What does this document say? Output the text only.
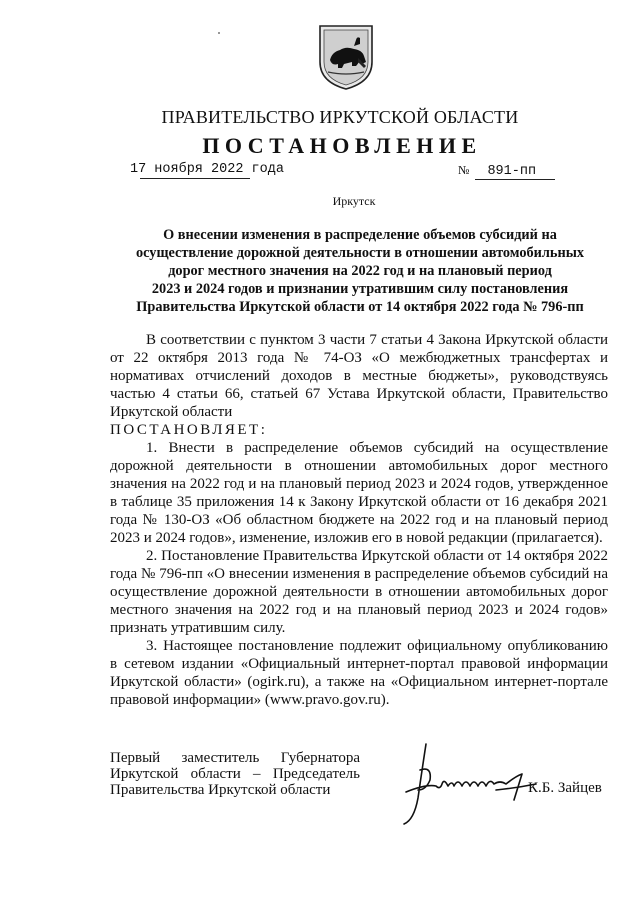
ПРАВИТЕЛЬСТВО ИРКУТСКОЙ ОБЛАСТИ
ПОСТАНОВЛЕНИЕ
17 ноября 2022 года	№ 891-пп
Иркутск
О внесении изменения в распределение объемов субсидий на
осуществление дорожной деятельности в отношении автомобильных
дорог местного значения на 2022 год и на плановый период
2023 и 2024 годов и признании утратившим силу постановления
Правительства Иркутской области от 14 октября 2022 года № 796-пп

В соответствии с пунктом 3 части 7 статьи 4 Закона Иркутской области от 22 октября 2013 года № 74-ОЗ «О межбюджетных трансфертах и нормативах отчислений доходов в местные бюджеты», руководствуясь частью 4 статьи 66, статьей 67 Устава Иркутской области, Правительство Иркутской области

ПОСТАНОВЛЯЕТ:

1. Внести в распределение объемов субсидий на осуществление дорожной деятельности в отношении автомобильных дорог местного значения на 2022 год и на плановый период 2023 и 2024 годов, утвержденное в таблице 35 приложения 14 к Закону Иркутской области от 16 декабря 2021 года № 130-ОЗ «Об областном бюджете на 2022 год и на плановый период 2023 и 2024 годов», изменение, изложив его в новой редакции (прилагается).

2. Постановление Правительства Иркутской области от 14 октября 2022 года № 796-пп «О внесении изменения в распределение объемов субсидий на осуществление дорожной деятельности в отношении автомобильных дорог местного значения на 2022 год и на плановый период 2023 и 2024 годов» признать утратившим силу.

3. Настоящее постановление подлежит официальному опубликованию в сетевом издании «Официальный интернет-портал правовой информации Иркутской области» (ogirk.ru), а также на «Официальном интернет-портале правовой информации» (www.pravo.gov.ru).

Первый заместитель Губернатора
Иркутской области – Председатель
Правительства Иркутской области	К.Б. Зайцев
